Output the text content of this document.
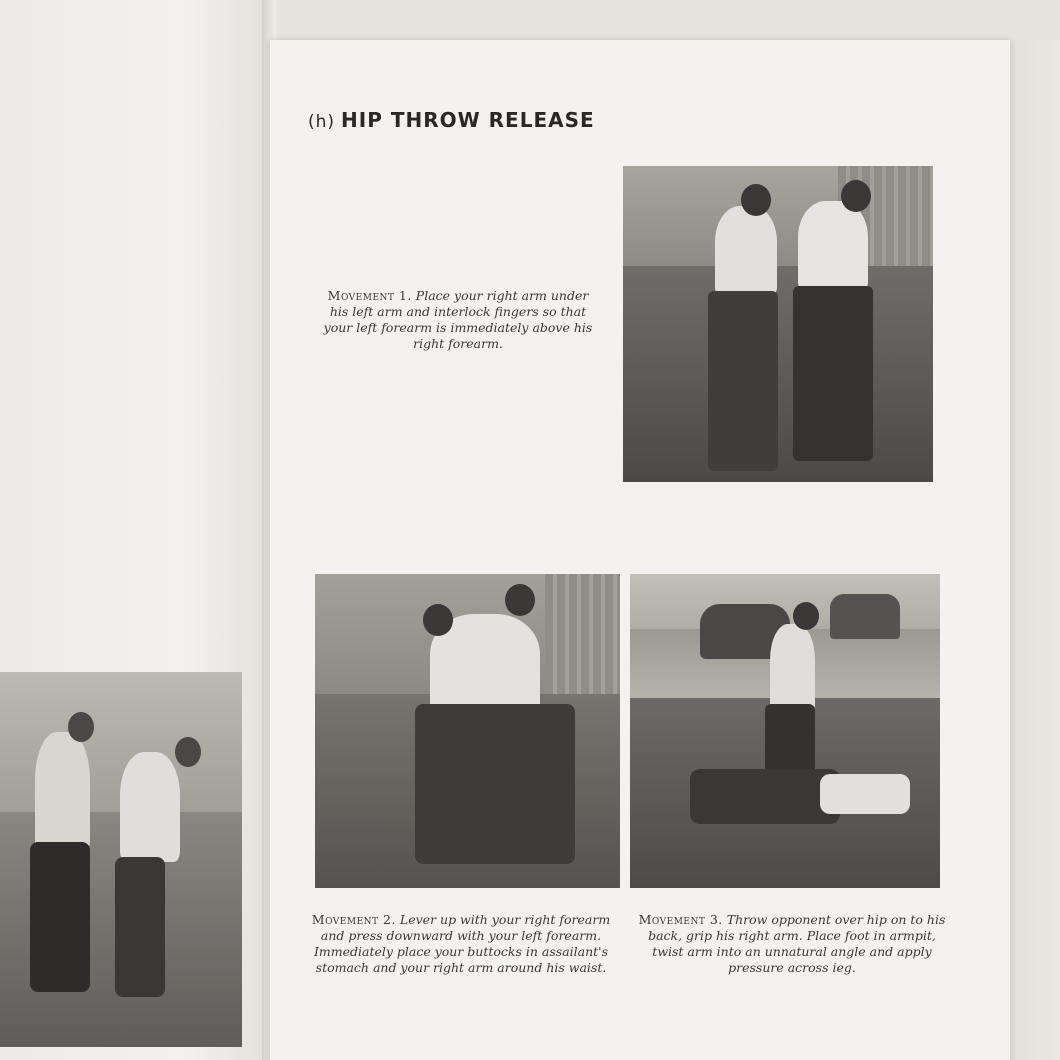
(h) HIP THROW RELEASE
Movement 1. Place your right arm under his left arm and interlock fingers so that your left forearm is immediately above his right forearm.
Movement 2. Lever up with your right forearm and press downward with your left forearm. Immediately place your buttocks in assailant's stomach and your right arm around his waist.
Movement 3. Throw opponent over hip on to his back, grip his right arm. Place foot in armpit, twist arm into an unnatural angle and apply pressure across ieg.
